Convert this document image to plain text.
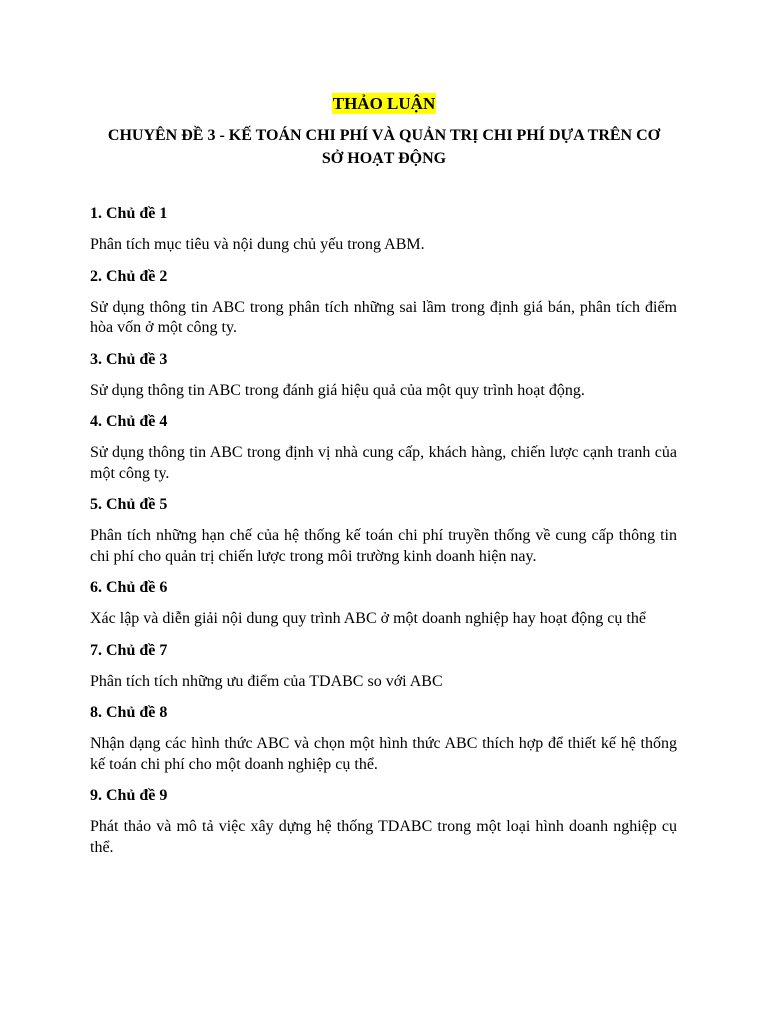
THẢO LUẬN
CHUYÊN ĐỀ 3 - KẾ TOÁN CHI PHÍ VÀ QUẢN TRỊ CHI PHÍ DỰA TRÊN CƠ
SỞ HOẠT ĐỘNG

1. Chủ đề 1

Phân tích mục tiêu và nội dung chủ yếu trong ABM.

2. Chủ đề 2

Sử dụng thông tin ABC trong phân tích những sai lầm trong định giá bán, phân tích điểm hòa vốn ở một công ty.

3. Chủ đề 3

Sử dụng thông tin ABC trong đánh giá hiệu quả của một quy trình hoạt động.

4. Chủ đề 4

Sử dụng thông tin ABC trong định vị nhà cung cấp, khách hàng, chiến lược cạnh tranh của một công ty.

5. Chủ đề 5

Phân tích những hạn chế của hệ thống kế toán chi phí truyền thống về cung cấp thông tin chi phí cho quản trị chiến lược trong môi trường kinh doanh hiện nay.

6. Chủ đề 6

Xác lập và diễn giải nội dung quy trình ABC ở một doanh nghiệp hay hoạt động cụ thể

7. Chủ đề 7

Phân tích tích những ưu điểm của TDABC so với ABC

8. Chủ đề 8

Nhận dạng các hình thức ABC và chọn một hình thức ABC thích hợp để thiết kế hệ thống kế toán chi phí cho một doanh nghiệp cụ thể.

9. Chủ đề 9

Phát thảo và mô tả việc xây dựng hệ thống TDABC trong một loại hình doanh nghiệp cụ thể.
